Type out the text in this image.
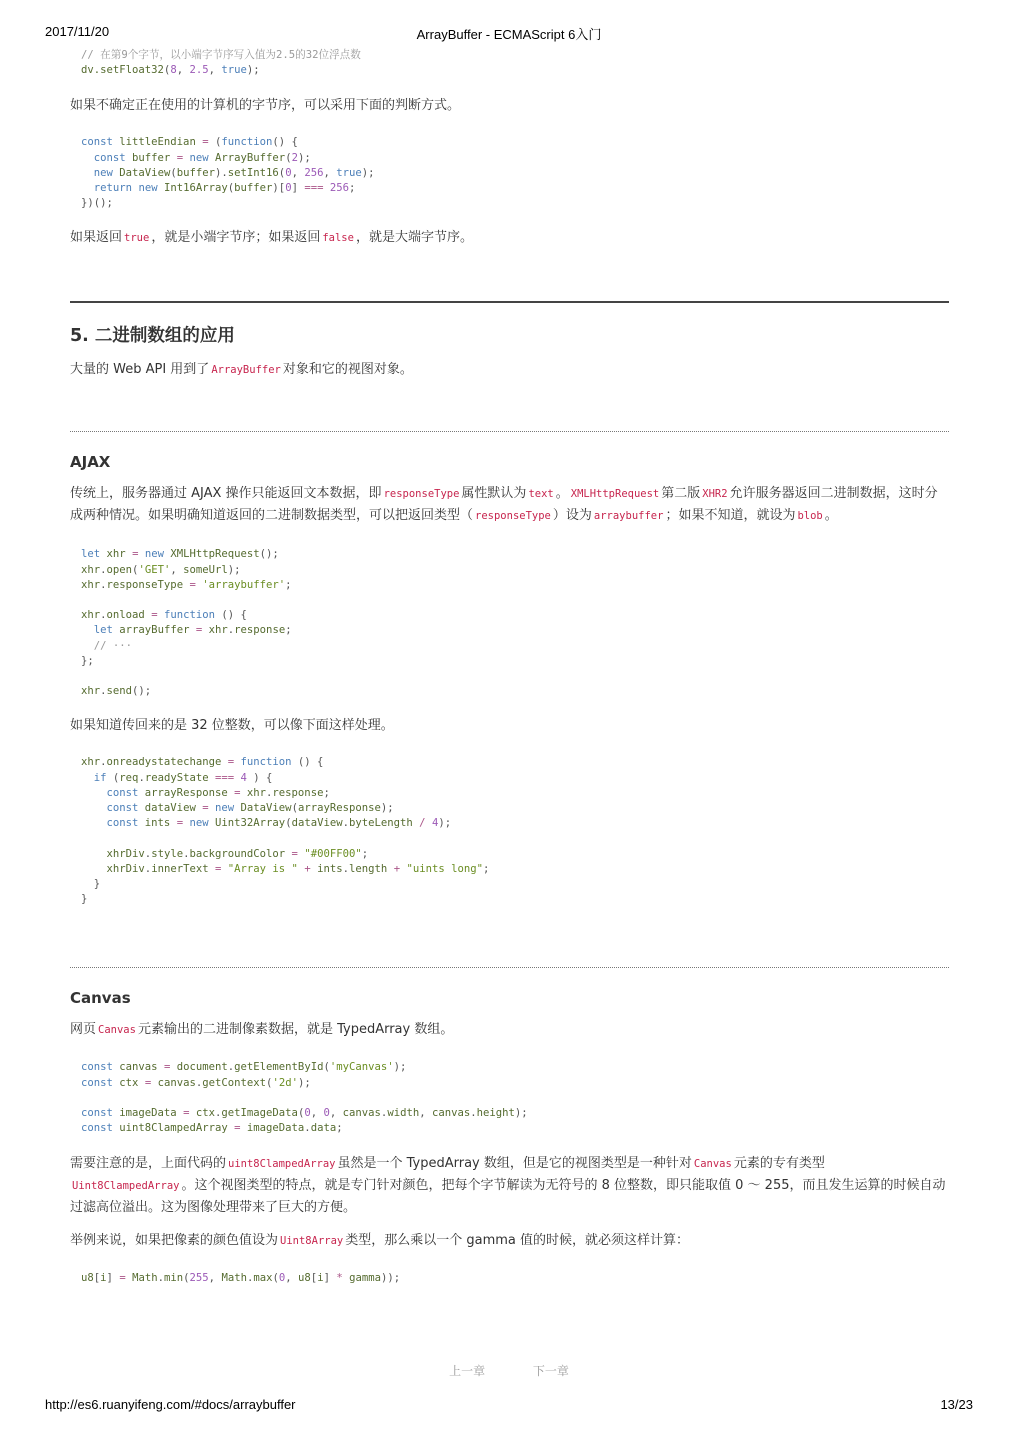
2017/11/20	ArrayBuffer - ECMAScript 6入门
// 在第9个字节，以小端字节序写入值为2.5的32位浮点数
dv.setFloat32(8, 2.5, true);

如果不确定正在使用的计算机的字节序，可以采用下面的判断方式。

const littleEndian = (function() {
const buffer = new ArrayBuffer(2);
new DataView(buffer).setInt16(0, 256, true);
return new Int16Array(buffer)[0] === 256;
})();

如果返回 true ，就是小端字节序；如果返回 false ，就是大端字节序。

5. 二进制数组的应用

大量的 Web API 用到了 ArrayBuffer 对象和它的视图对象。

AJAX

传统上，服务器通过 AJAX 操作只能返回文本数据，即 responseType 属性默认为 text 。 XMLHttpRequest 第二版 XHR2 允许服务器返回二进制数据，这时分成两种情况。如果明确知道返回的二进制数据类型，可以把返回类型（ responseType ）设为 arraybuffer ；如果不知道，就设为 blob 。

let xhr = new XMLHttpRequest();
xhr.open('GET', someUrl);
xhr.responseType = 'arraybuffer';

xhr.onload = function () {
let arrayBuffer = xhr.response;
// ···
};

xhr.send();

如果知道传回来的是 32 位整数，可以像下面这样处理。

xhr.onreadystatechange = function () {
if (req.readyState === 4 ) {
const arrayResponse = xhr.response;
const dataView = new DataView(arrayResponse);
const ints = new Uint32Array(dataView.byteLength / 4);

xhrDiv.style.backgroundColor = "#00FF00";
xhrDiv.innerText = "Array is " + ints.length + "uints long";
}
}
Canvas

网页 Canvas 元素输出的二进制像素数据，就是 TypedArray 数组。

const canvas = document.getElementById('myCanvas');
const ctx = canvas.getContext('2d');

const imageData = ctx.getImageData(0, 0, canvas.width, canvas.height);
const uint8ClampedArray = imageData.data;

需要注意的是，上面代码的 uint8ClampedArray 虽然是一个 TypedArray 数组，但是它的视图类型是一种针对 Canvas 元素的专有类型Uint8ClampedArray 。这个视图类型的特点，就是专门针对颜色，把每个字节解读为无符号的 8 位整数，即只能取值 0 ～ 255，而且发生运算的时候自动过滤高位溢出。这为图像处理带来了巨大的方便。

举例来说，如果把像素的颜色值设为 Uint8Array 类型，那么乘以一个 gamma 值的时候，就必须这样计算：

u8[i] = Math.min(255, Math.max(0, u8[i] * gamma));
上一章	下一章
http://es6.ruanyifeng.com/#docs/arraybuffer	13/23
